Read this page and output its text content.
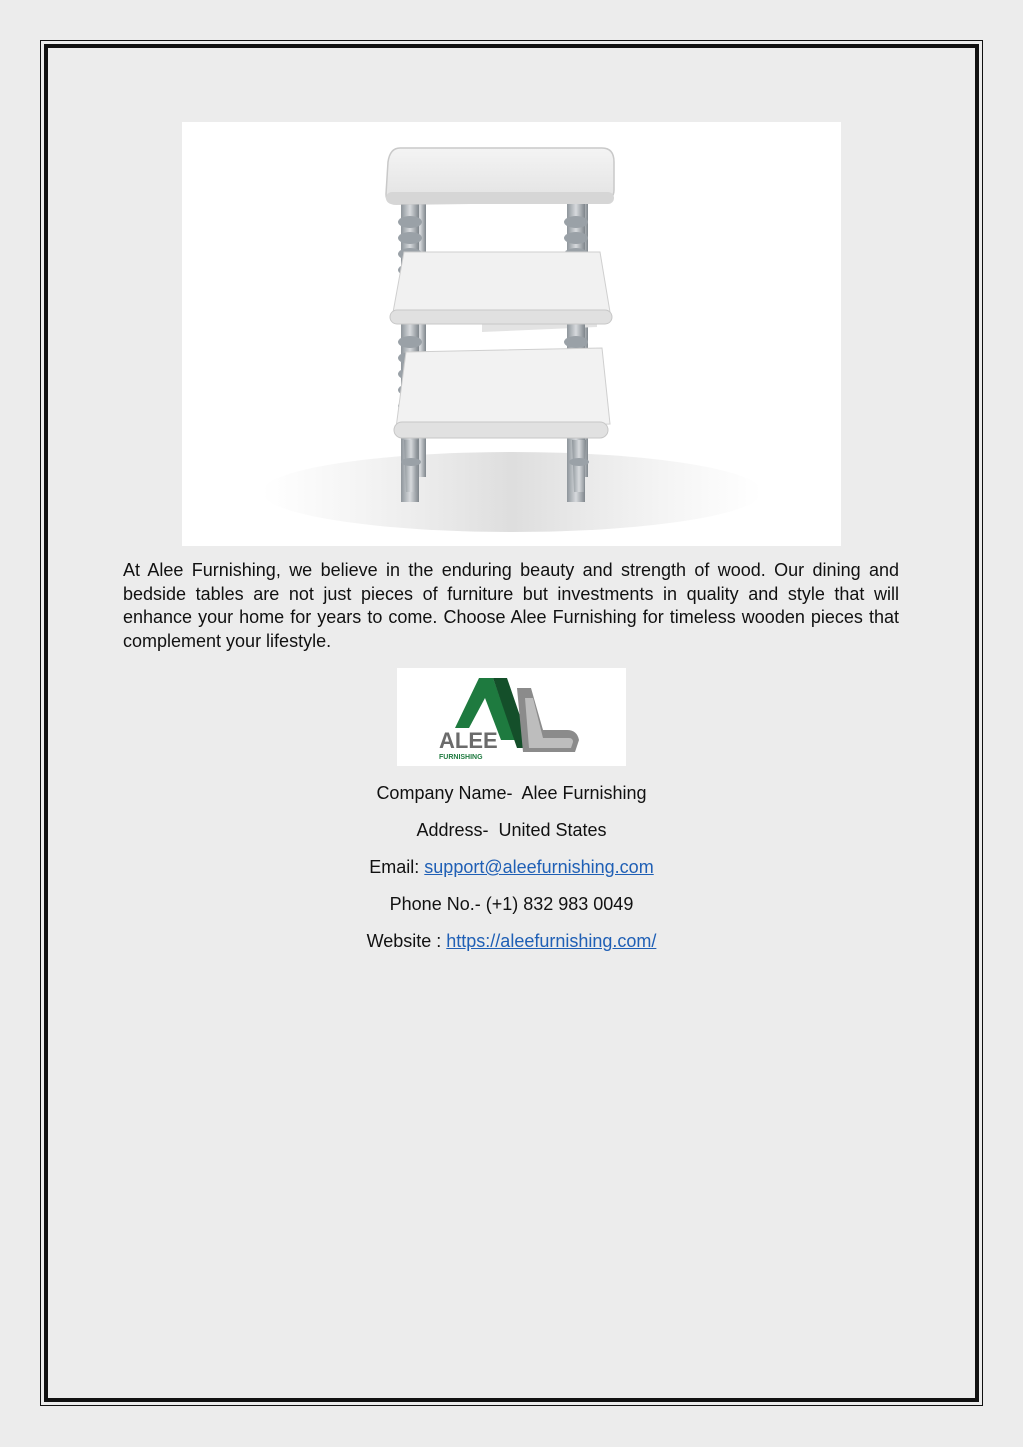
At Alee Furnishing, we believe in the enduring beauty and strength of wood. Our dining and bedside tables are not just pieces of furniture but investments in quality and style that will enhance your home for years to come. Choose Alee Furnishing for timeless wooden pieces that complement your lifestyle.

ALEE
FURNISHING

Company Name-  Alee Furnishing

Address-  United States

Email: support@aleefurnishing.com

Phone No.- (+1) 832 983 0049

Website : https://aleefurnishing.com/
